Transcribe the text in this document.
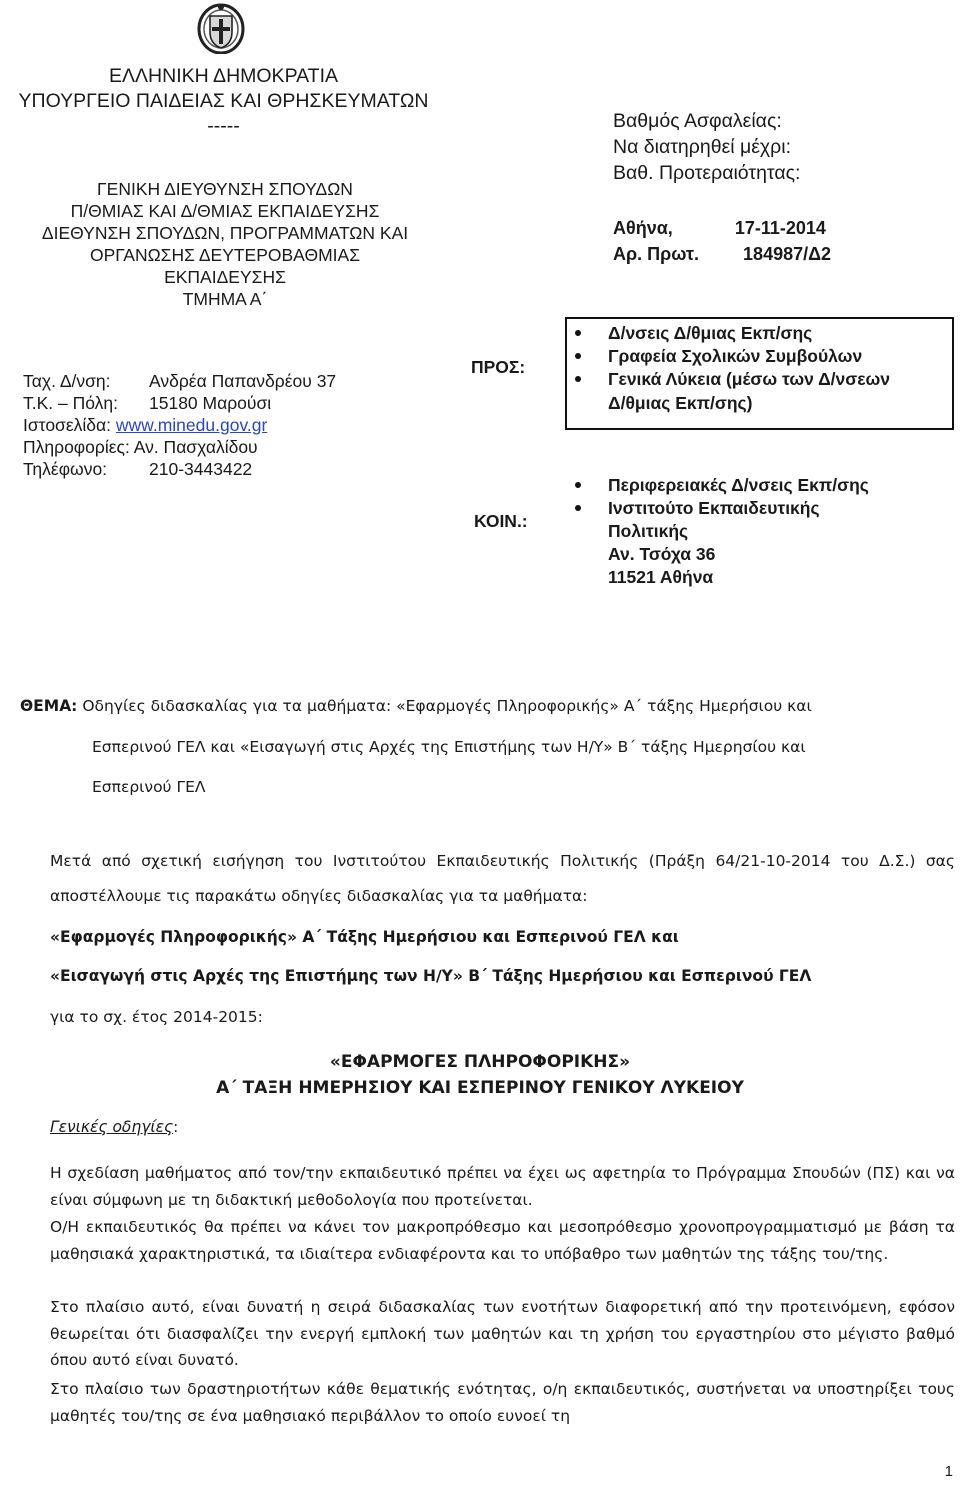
ΕΛΛΗΝΙΚΗ ΔΗΜΟΚΡΑΤΙΑ
ΥΠΟΥΡΓΕΙΟ ΠΑΙΔΕΙΑΣ ΚΑΙ ΘΡΗΣΚΕΥΜΑΤΩΝ
-----
ΓΕΝΙΚΗ ΔΙΕΥΘΥΝΣΗ ΣΠΟΥΔΩΝ
Π/ΘΜΙΑΣ ΚΑΙ Δ/ΘΜΙΑΣ ΕΚΠΑΙΔΕΥΣΗΣ
ΔΙΕΘΥΝΣΗ ΣΠΟΥΔΩΝ, ΠΡΟΓΡΑΜΜΑΤΩΝ ΚΑΙ
ΟΡΓΑΝΩΣΗΣ ΔΕΥΤΕΡΟΒΑΘΜΙΑΣ ΕΚΠΑΙΔΕΥΣΗΣ
ΤΜΗΜΑ Α΄
Βαθμός Ασφαλείας:
Να διατηρηθεί μέχρι:
Βαθ. Προτεραιότητας:
Αθήνα,	17-11-2014
Αρ. Πρωτ. 184987/Δ2
Ταχ. Δ/νση: Ανδρέα Παπανδρέου 37
Τ.Κ. – Πόλη: 15180 Μαρούσι
Ιστοσελίδα: www.minedu.gov.gr
Πληροφορίες: Αν. Πασχαλίδου
Τηλέφωνο: 210-3443422
ΠΡΟΣ:
Δ/νσεις Δ/θμιας Εκπ/σης
Γραφεία Σχολικών Συμβούλων
Γενικά Λύκεια (μέσω των Δ/νσεων
Δ/θμιας Εκπ/σης)
ΚΟΙΝ.:
Περιφερειακές Δ/νσεις Εκπ/σης
Ινστιτούτο Εκπαιδευτικής
Πολιτικής
Αν. Τσόχα 36
11521 Αθήνα
ΘΕΜΑ: Οδηγίες διδασκαλίας για τα μαθήματα: «Εφαρμογές Πληροφορικής» Α΄ τάξης Ημερήσιου και
Εσπερινού ΓΕΛ και «Εισαγωγή στις Αρχές της Επιστήμης των Η/Υ» Β΄ τάξης Ημερησίου και
Εσπερινού ΓΕΛ
Μετά από σχετική εισήγηση του Ινστιτούτου Εκπαιδευτικής Πολιτικής (Πράξη 64/21-10-2014 του Δ.Σ.) σας αποστέλλουμε τις παρακάτω οδηγίες διδασκαλίας για τα μαθήματα:
«Εφαρμογές Πληροφορικής» Α΄ Τάξης Ημερήσιου και Εσπερινού ΓΕΛ και
«Εισαγωγή στις Αρχές της Επιστήμης των Η/Υ» Β΄ Τάξης Ημερήσιου και Εσπερινού ΓΕΛ
για το σχ. έτος 2014-2015:
«ΕΦΑΡΜΟΓΕΣ ΠΛΗΡΟΦΟΡΙΚΗΣ»
Α΄ ΤΑΞΗ ΗΜΕΡΗΣΙΟΥ ΚΑΙ ΕΣΠΕΡΙΝΟΥ ΓΕΝΙΚΟΥ ΛΥΚΕΙΟΥ
Γενικές οδηγίες:
Η σχεδίαση μαθήματος από τον/την εκπαιδευτικό πρέπει να έχει ως αφετηρία το Πρόγραμμα Σπουδών (ΠΣ) και να είναι σύμφωνη με τη διδακτική μεθοδολογία που προτείνεται.
Ο/Η εκπαιδευτικός θα πρέπει να κάνει τον μακροπρόθεσμο και μεσοπρόθεσμο χρονοπρογραμματισμό με βάση τα μαθησιακά χαρακτηριστικά, τα ιδιαίτερα ενδιαφέροντα και το υπόβαθρο των μαθητών της τάξης του/της.
Στο πλαίσιο αυτό, είναι δυνατή η σειρά διδασκαλίας των ενοτήτων διαφορετική από την προτεινόμενη, εφόσον θεωρείται ότι διασφαλίζει την ενεργή εμπλοκή των μαθητών και τη χρήση του εργαστηρίου στο μέγιστο βαθμό όπου αυτό είναι δυνατό.
Στο πλαίσιο των δραστηριοτήτων κάθε θεματικής ενότητας, ο/η εκπαιδευτικός, συστήνεται να υποστηρίξει τους μαθητές του/της σε ένα μαθησιακό περιβάλλον το οποίο ευνοεί τη
1
